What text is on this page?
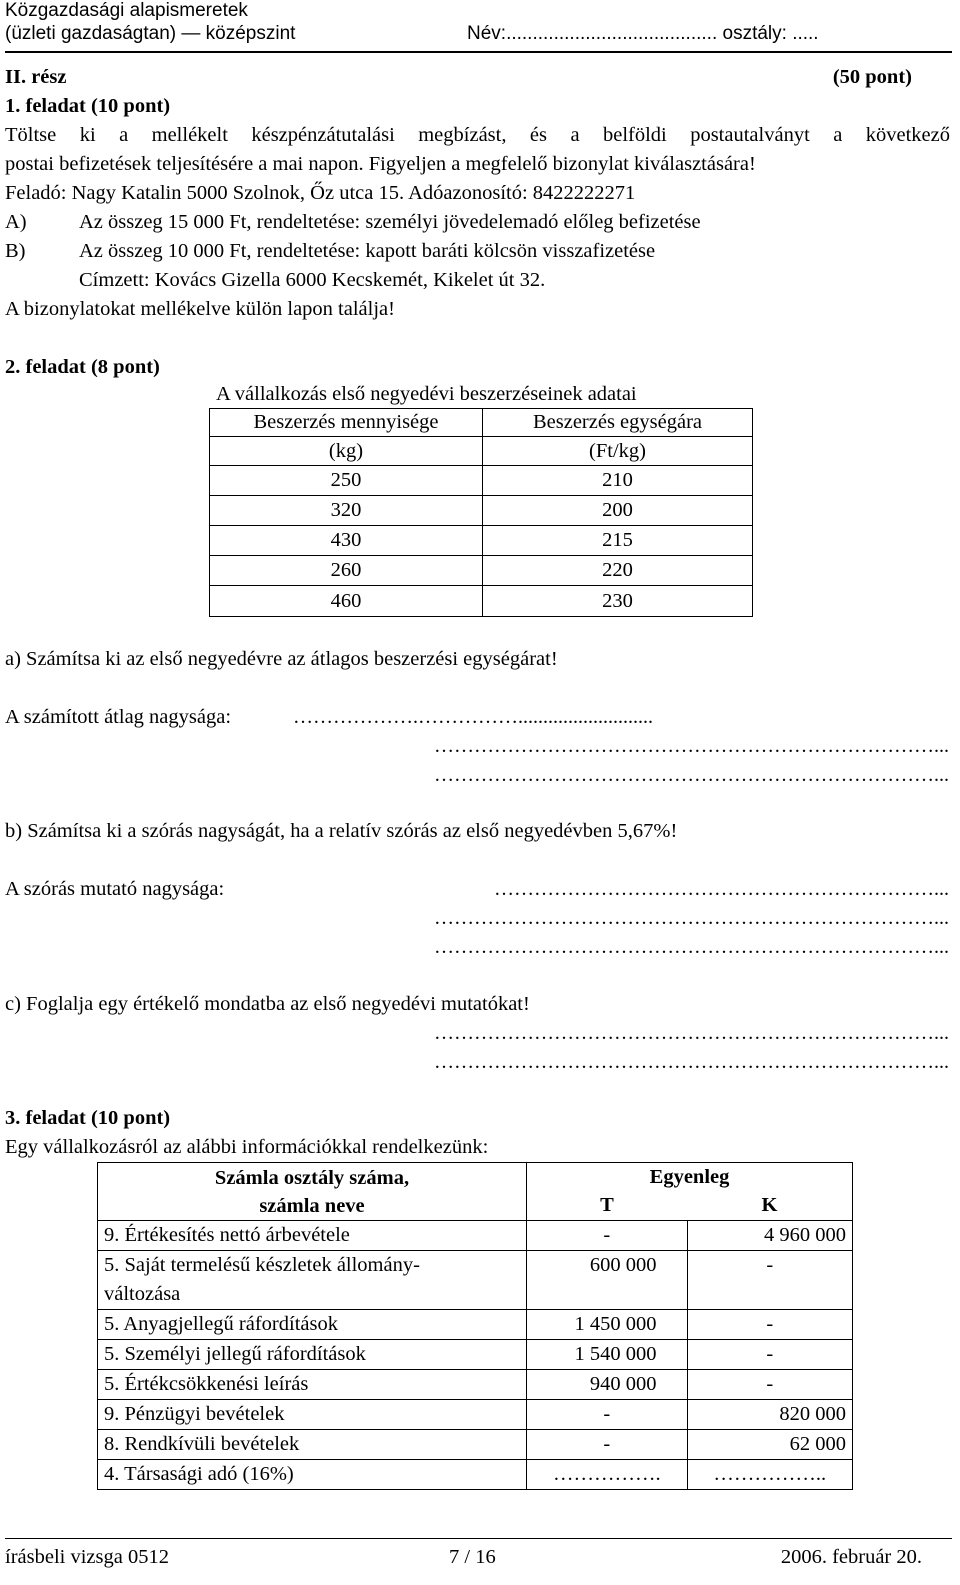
Közgazdasági alapismeretek
(üzleti gazdaságtan) — középszint	Név:........................................ osztály: .....
II. rész	(50 pont)
1. feladat (10 pont)
Töltse ki a mellékelt készpénzátutalási megbízást, és a belföldi postautalványt a következő
postai befizetések teljesítésére a mai napon. Figyeljen a megfelelő bizonylat kiválasztására!
Feladó: Nagy Katalin 5000 Szolnok, Őz utca 15. Adóazonosító: 8422222271
A)	Az összeg 15 000 Ft, rendeltetése: személyi jövedelemadó előleg befizetése
B)	Az összeg 10 000 Ft, rendeltetése: kapott baráti kölcsön visszafizetése
Címzett: Kovács Gizella 6000 Kecskemét, Kikelet út 32.
A bizonylatokat mellékelve külön lapon találja!
2. feladat (8 pont)
A vállalkozás első negyedévi beszerzéseinek adatai
Beszerzés mennyisége	Beszerzés egységára
(kg)	(Ft/kg)
250	210
320	200
430	215
260	220
460	230
a) Számítsa ki az első negyedévre az átlagos beszerzési egységárat!
A számított átlag nagysága:	……………….……………...........................
…………………………………………………………………...
…………………………………………………………………...
b) Számítsa ki a szórás nagyságát, ha a relatív szórás az első negyedévben 5,67%!
A szórás mutató nagysága:	…………………………………………………………...
…………………………………………………………………...
…………………………………………………………………...
c) Foglalja egy értékelő mondatba az első negyedévi mutatókat!
…………………………………………………………………...
…………………………………………………………………...
3. feladat (10 pont)
Egy vállalkozásról az alábbi információkkal rendelkezünk:
Számla osztály száma,
számla neve	Egyenleg	
	T	K
9. Értékesítés nettó árbevétele	-	4 960 000

5. Saját termelésű készletek állomány-
változása	600 000	-
5. Anyagjellegű ráfordítások	1 450 000	-
5. Személyi jellegű ráfordítások	1 540 000	-
5. Értékcsökkenési leírás	940 000	-
9. Pénzügyi bevételek	-	820 000
8. Rendkívüli bevételek	-	62 000
4. Társasági adó (16%)	…………….	……………..
írásbeli vizsga 0512	7 / 16	2006. február 20.
